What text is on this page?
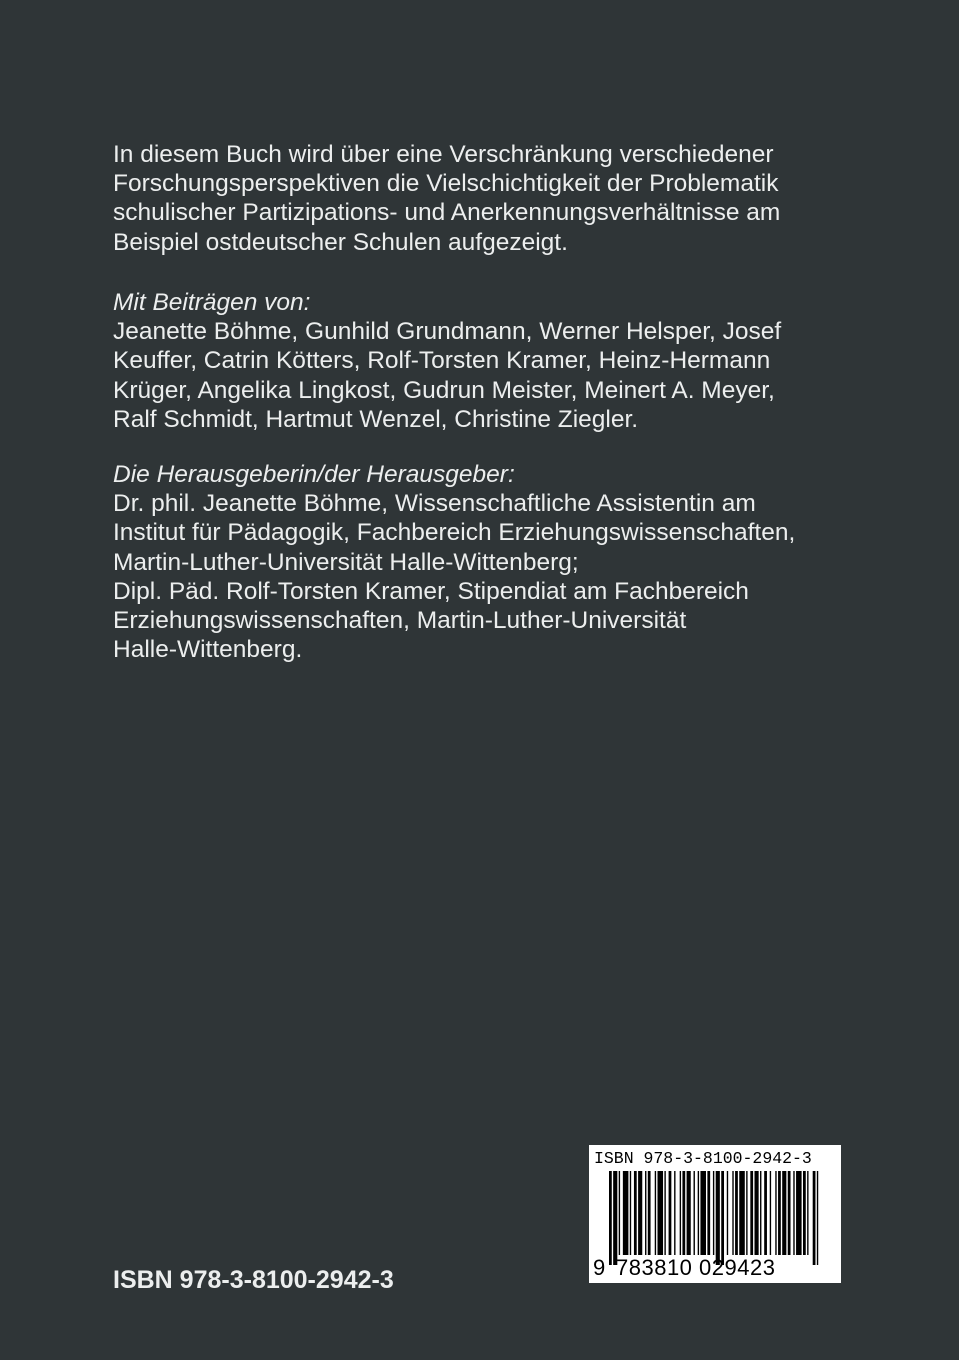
In diesem Buch wird über eine Verschränkung verschiedener
Forschungsperspektiven die Vielschichtigkeit der Problematik
schulischer Partizipations- und Anerkennungsverhältnisse am
Beispiel ostdeutscher Schulen aufgezeigt.
Mit Beiträgen von:
Jeanette Böhme, Gunhild Grundmann, Werner Helsper, Josef
Keuffer, Catrin Kötters, Rolf-Torsten Kramer, Heinz-Hermann
Krüger, Angelika Lingkost, Gudrun Meister, Meinert A. Meyer,
Ralf Schmidt, Hartmut Wenzel, Christine Ziegler.
Die Herausgeberin/der Herausgeber:
Dr. phil. Jeanette Böhme, Wissenschaftliche Assistentin am
Institut für Pädagogik, Fachbereich Erziehungswissenschaften,
Martin-Luther-Universität Halle-Wittenberg;
Dipl. Päd. Rolf-Torsten Kramer, Stipendiat am Fachbereich
Erziehungswissenschaften, Martin-Luther-Universität
Halle-Wittenberg.
ISBN 978-3-8100-2942-3
ISBN 978-3-8100-2942-3
9 783810 029423
